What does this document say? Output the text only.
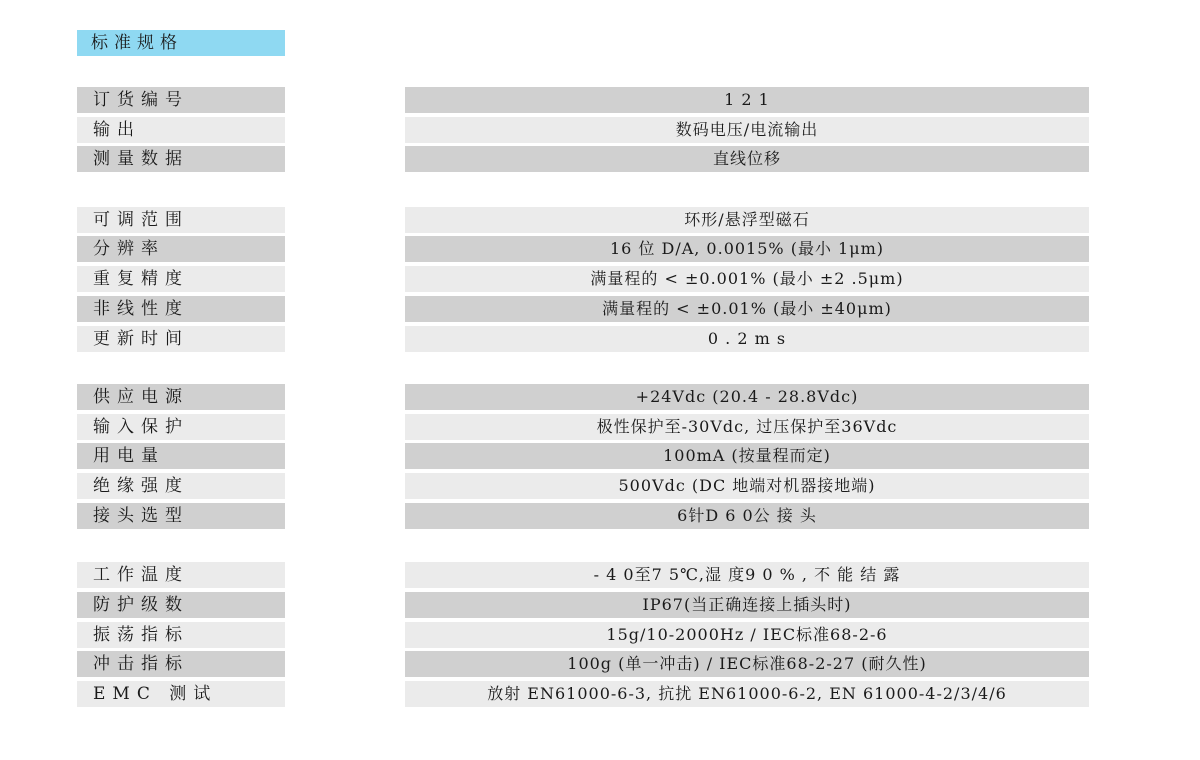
标准规格
订货编号	1 2 1
输出	数码电压/电流输出
测量数据	直线位移
可调范围	环形/悬浮型磁石
分辨率	16 位 D/A, 0.0015% (最小 1μm)
重复精度	满量程的 < ±0.001% (最小 ±2 .5μm)
非线性度	满量程的 < ±0.01% (最小 ±40μm)
更新时间	0 . 2 m s
供应电源	+24Vdc (20.4 - 28.8Vdc)
输入保护	极性保护至-30Vdc, 过压保护至36Vdc
用电量	100mA (按量程而定)
绝缘强度	500Vdc (DC 地端对机器接地端)
接头选型	6针D 6 0公 接 头
工作温度	- 4 0至7 5℃,湿 度9 0 % , 不 能 结 露
防护级数	IP67(当正确连接上插头时)
振荡指标	15g/10-2000Hz / IEC标准68-2-6
冲击指标	100g (单一冲击) / IEC标准68-2-27 (耐久性)
EMC 测试	放射 EN61000-6-3, 抗扰 EN61000-6-2, EN 61000-4-2/3/4/6
